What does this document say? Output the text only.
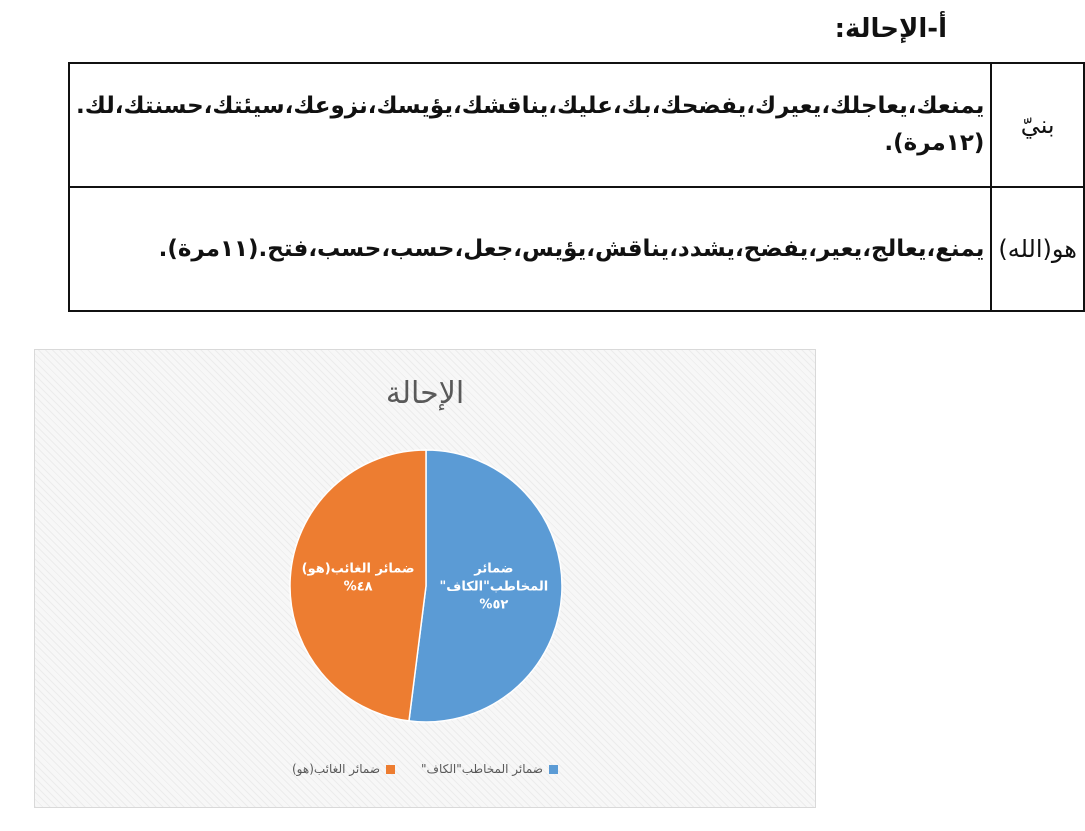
أ-الإحالة:
بنيّ	يمنعك،يعاجلك،يعيرك،يفضحك،بك،عليك،يناقشك،يؤيسك،نزوعك،سيئتك،حسنتك،لك.(١٢مرة).
هو(الله)	يمنع،يعالج،يعير،يفضح،يشدد،يناقش،يؤيس،جعل،حسب،حسب،فتح.(١١مرة).
الإحالة
ضمائر المخاطب"الكاف" ٥٢%
ضمائر الغائب(هو) ٤٨%
ضمائر المخاطب"الكاف"
ضمائر الغائب(هو)
